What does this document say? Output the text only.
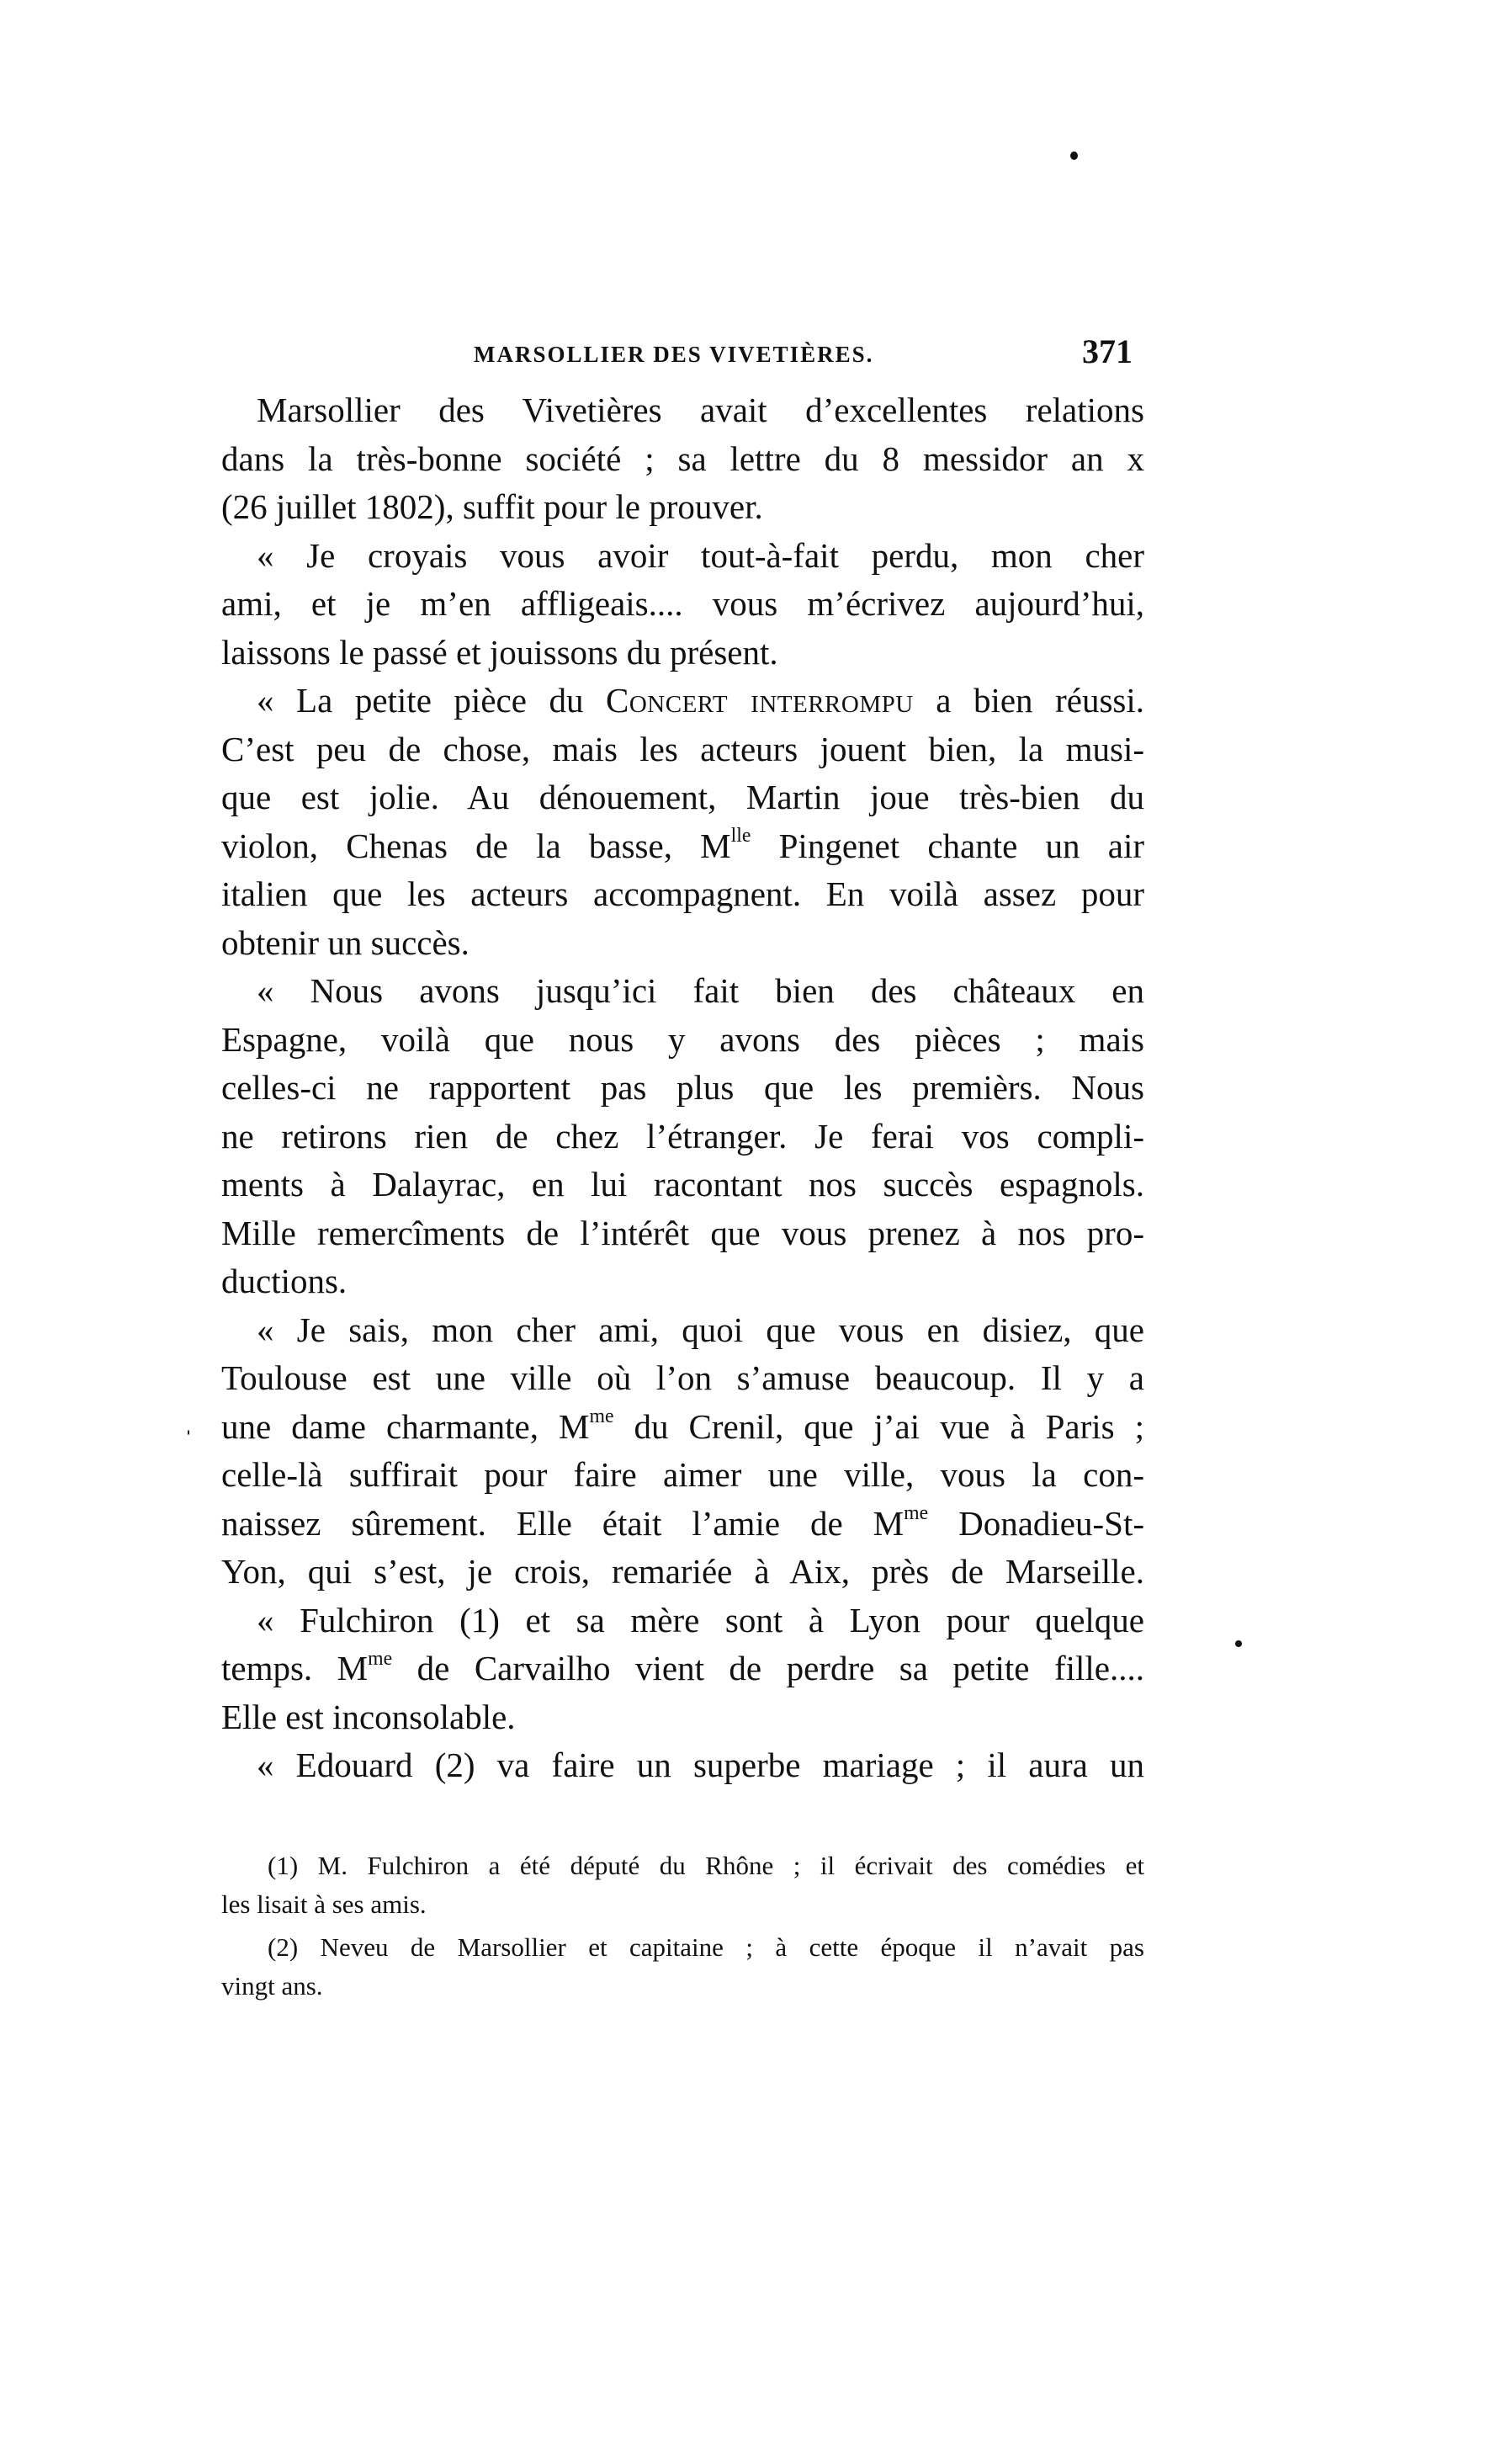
MARSOLLIER DES VIVETIÈRES.	371
Marsollier des Vivetières avait d’excellentes relations
dans la très-bonne société ; sa lettre du 8 messidor an x
(26 juillet 1802), suffit pour le prouver.
« Je croyais vous avoir tout-à-fait perdu, mon cher
ami, et je m’en affligeais.... vous m’écrivez aujourd’hui,
laissons le passé et jouissons du présent.
« La petite pièce du Concert interrompu a bien réussi.
C’est peu de chose, mais les acteurs jouent bien, la musi-
que est jolie. Au dénouement, Martin joue très-bien du
violon, Chenas de la basse, $M^{lle}$ Pingenet chante un air
italien que les acteurs accompagnent. En voilà assez pour
obtenir un succès.
« Nous avons jusqu’ici fait bien des châteaux en
Espagne, voilà que nous y avons des pièces ; mais
celles-ci ne rapportent pas plus que les premièrs. Nous
ne retirons rien de chez l’étranger. Je ferai vos compli-
ments à Dalayrac, en lui racontant nos succès espagnols.
Mille remercîments de l’intérêt que vous prenez à nos pro-
ductions.
« Je sais, mon cher ami, quoi que vous en disiez, que
Toulouse est une ville où l’on s’amuse beaucoup. Il y a
une dame charmante, $M^{me}$ du Crenil, que j’ai vue à Paris ;
celle-là suffirait pour faire aimer une ville, vous la con-
naissez sûrement. Elle était l’amie de $M^{me}$ Donadieu-St-
Yon, qui s’est, je crois, remariée à Aix, près de Marseille.
« Fulchiron (1) et sa mère sont à Lyon pour quelque
temps. $M^{me}$ de Carvailho vient de perdre sa petite fille....
Elle est inconsolable.
« Edouard (2) va faire un superbe mariage ; il aura un
(1) M. Fulchiron a été député du Rhône ; il écrivait des comédies et
les lisait à ses amis.
(2) Neveu de Marsollier et capitaine ; à cette époque il n’avait pas
vingt ans.
